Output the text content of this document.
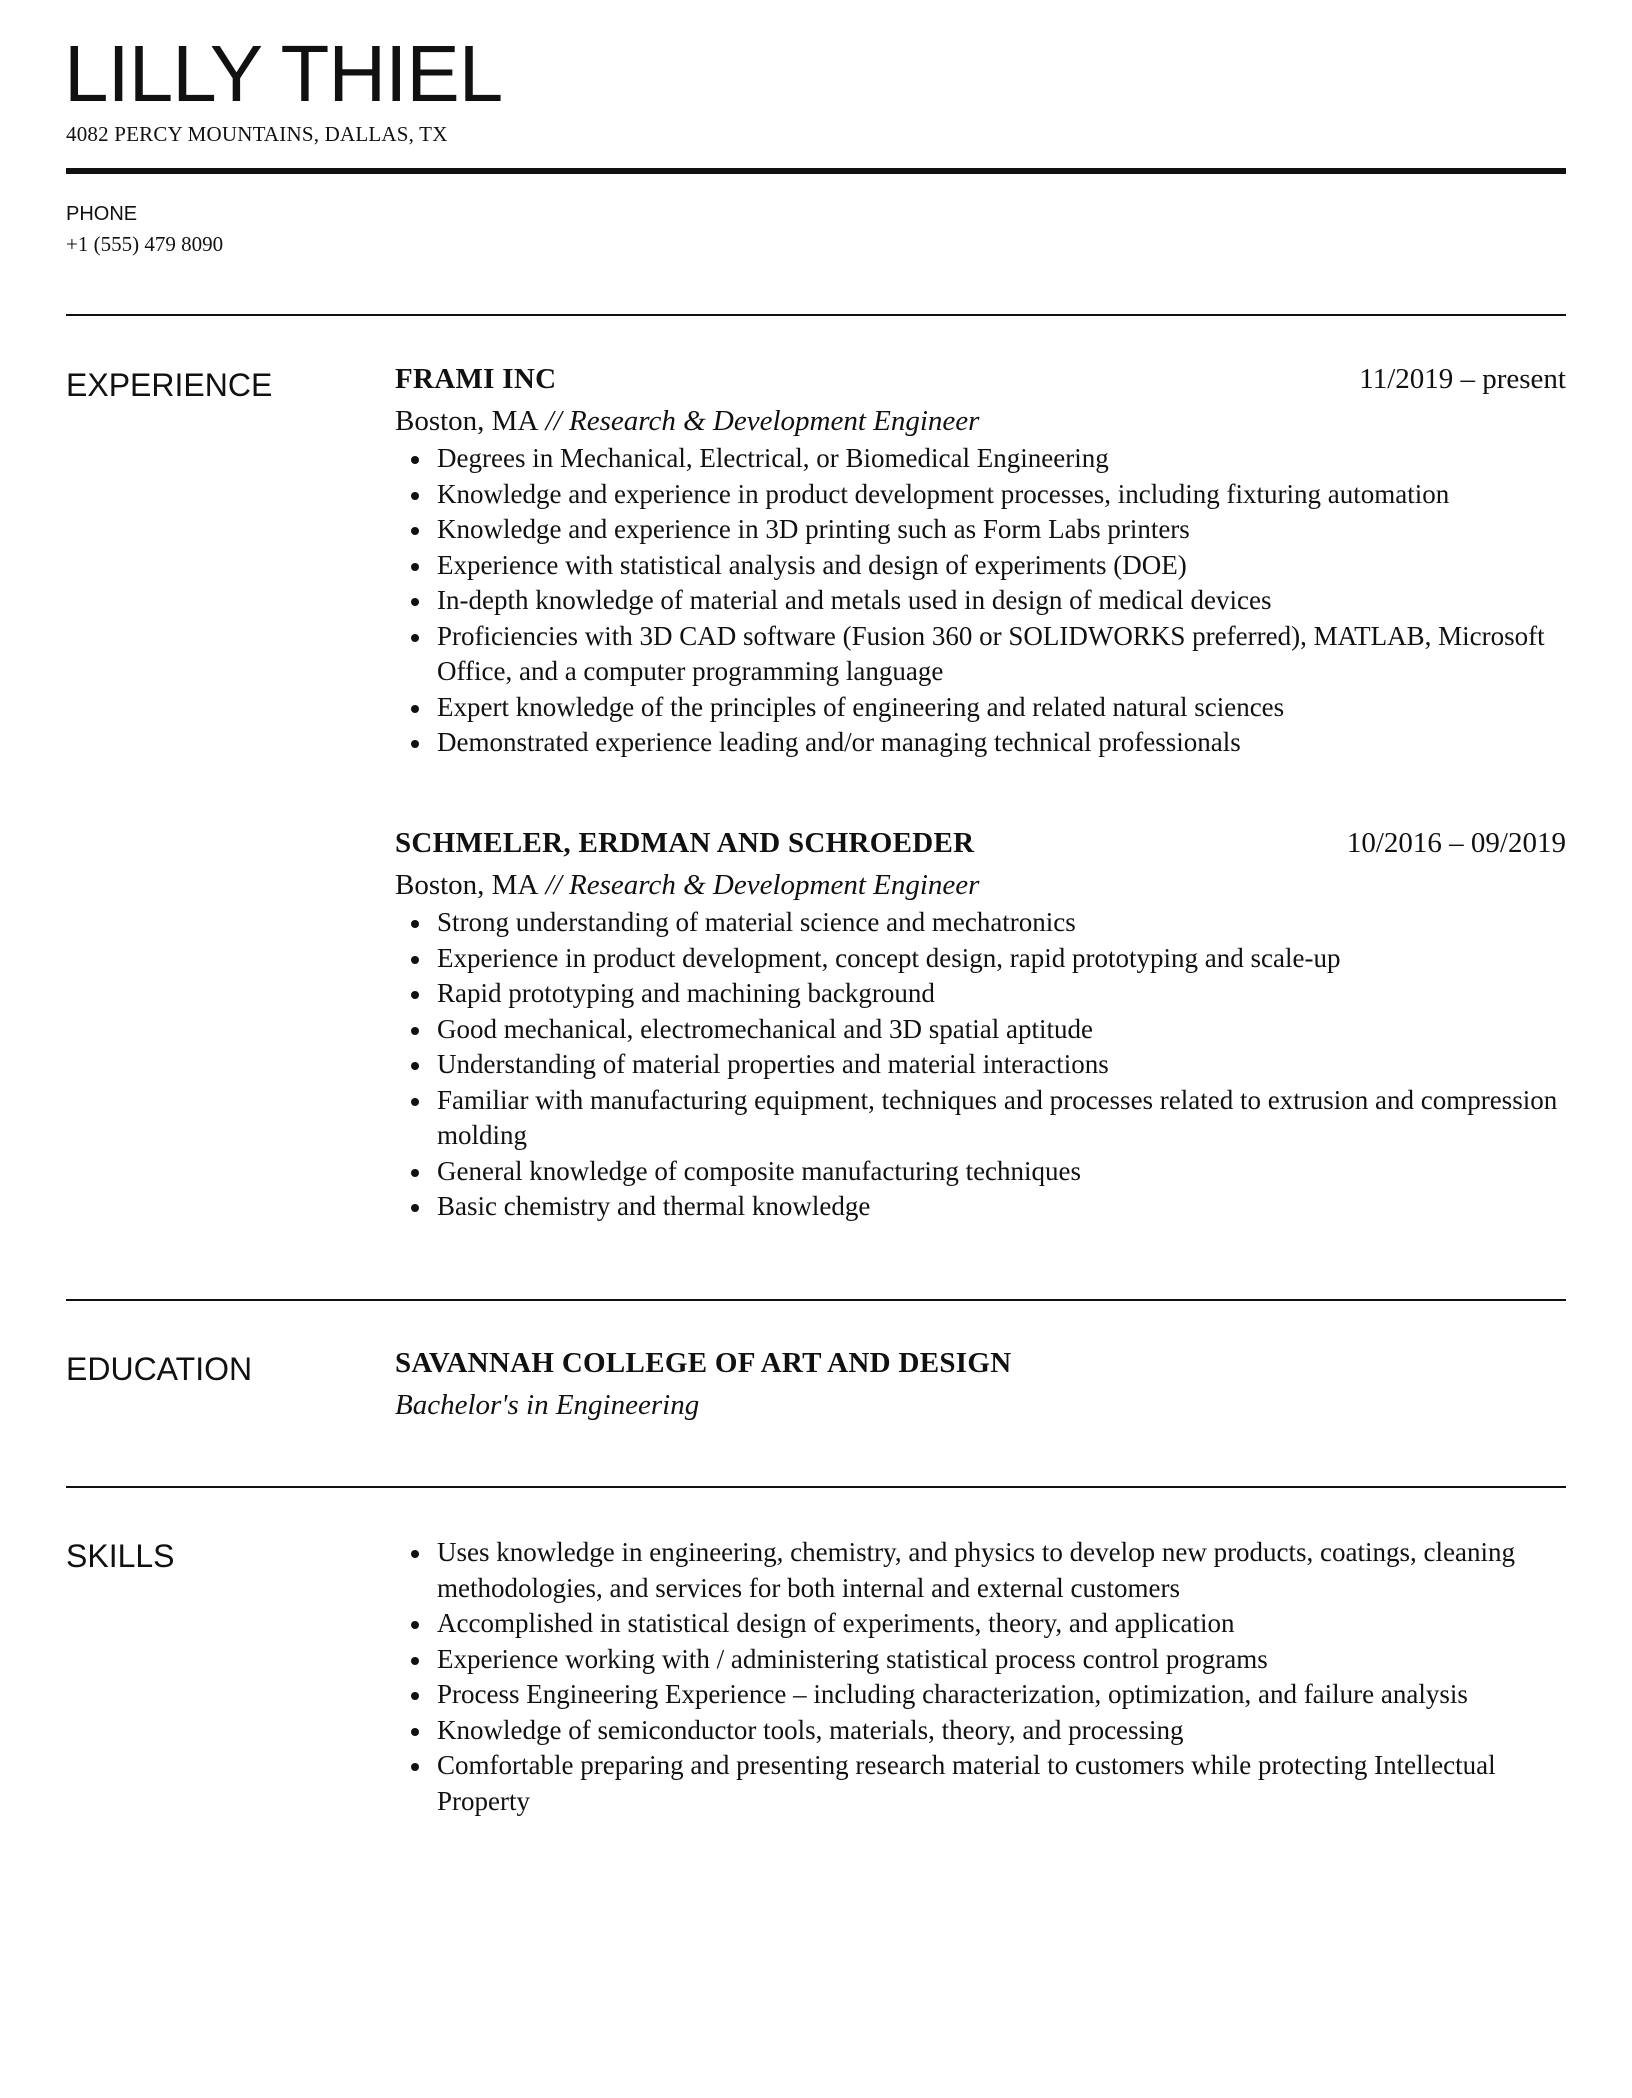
LILLY THIEL
4082 PERCY MOUNTAINS, DALLAS, TX
PHONE
+1 (555) 479 8090
EXPERIENCE	FRAMI INC	11/2019 – present
Boston, MA // Research & Development Engineer
Degrees in Mechanical, Electrical, or Biomedical Engineering
Knowledge and experience in product development processes, including fixturing automation
Knowledge and experience in 3D printing such as Form Labs printers
Experience with statistical analysis and design of experiments (DOE)
In-depth knowledge of material and metals used in design of medical devices
Proficiencies with 3D CAD software (Fusion 360 or SOLIDWORKS preferred), MATLAB, Microsoft Office, and a computer programming language
Expert knowledge of the principles of engineering and related natural sciences
Demonstrated experience leading and/or managing technical professionals
SCHMELER, ERDMAN AND SCHROEDER	10/2016 – 09/2019
Boston, MA // Research & Development Engineer
Strong understanding of material science and mechatronics
Experience in product development, concept design, rapid prototyping and scale-up
Rapid prototyping and machining background
Good mechanical, electromechanical and 3D spatial aptitude
Understanding of material properties and material interactions
Familiar with manufacturing equipment, techniques and processes related to extrusion and compression molding
General knowledge of composite manufacturing techniques
Basic chemistry and thermal knowledge
EDUCATION	SAVANNAH COLLEGE OF ART AND DESIGN
Bachelor's in Engineering
SKILLS	Uses knowledge in engineering, chemistry, and physics to develop new products, coatings, cleaning methodologies, and services for both internal and external customers
Accomplished in statistical design of experiments, theory, and application
Experience working with / administering statistical process control programs
Process Engineering Experience – including characterization, optimization, and failure analysis
Knowledge of semiconductor tools, materials, theory, and processing
Comfortable preparing and presenting research material to customers while protecting Intellectual Property
